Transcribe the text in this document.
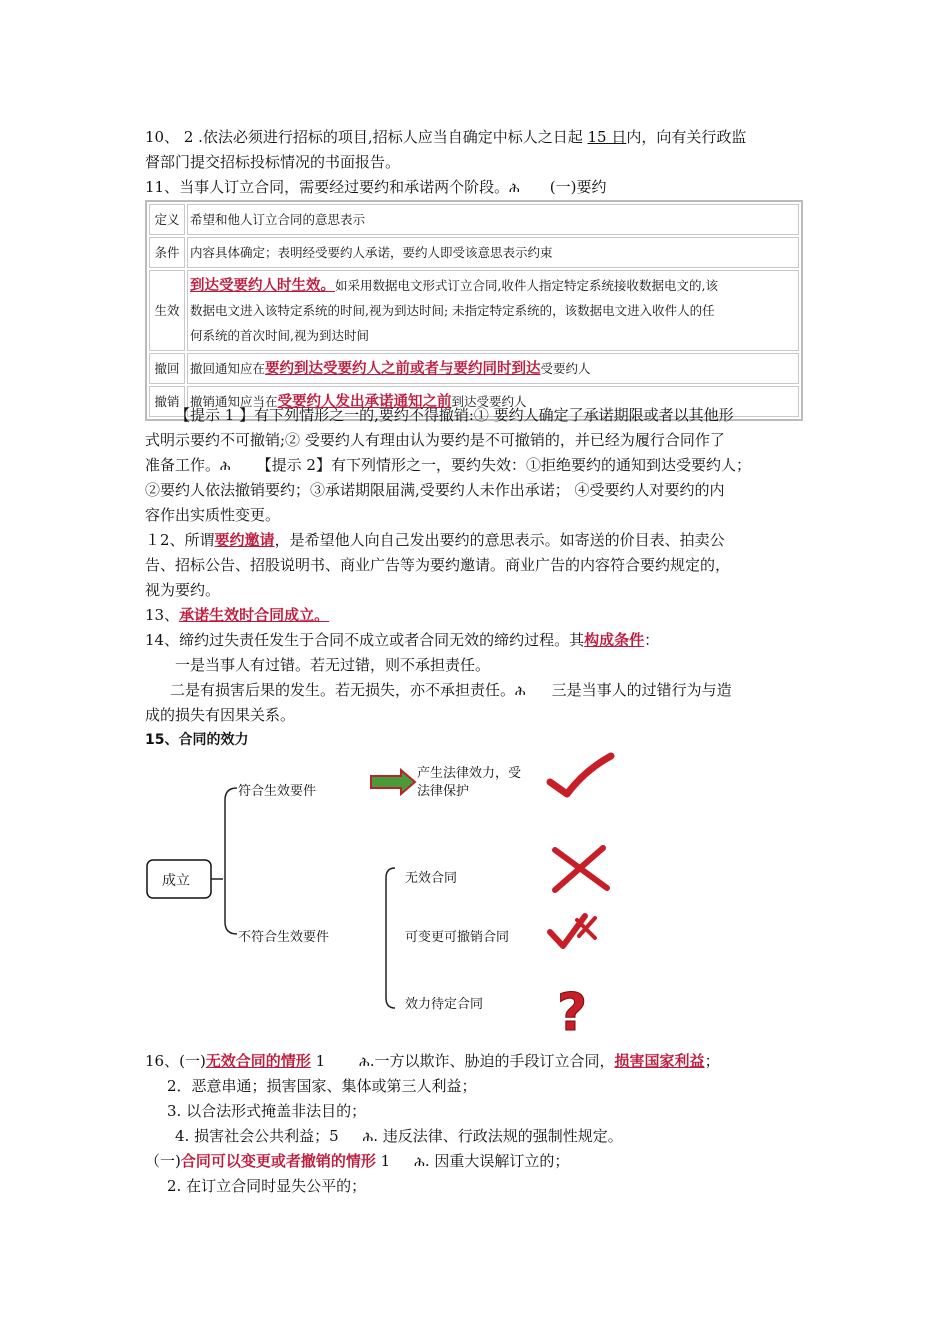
10、 2 .依法必须进行招标的项目,招标人应当自确定中标人之日起 15 日内，向有关行政监
督部门提交招标投标情况的书面报告。
11、当事人订立合同，需要经过要约和承诺两个阶段。ሕ (一)要约
定义	希望和他人订立合同的意思表示
条件	内容具体确定；表明经受要约人承诺，要约人即受该意思表示约束
生效	到达受要约人时生效。如采用数据电文形式订立合同,收件人指定特定系统接收数据电文的,该
数据电文进入该特定系统的时间,视为到达时间; 未指定特定系统的，该数据电文进入收件人的任
何系统的首次时间,视为到达时间
撤回	撤回通知应在要约到达受要约人之前或者与要约同时到达受要约人
撤销	撤销通知应当在受要约人发出承诺通知之前到达受要约人
【提示 1 】有下列情形之一的,要约不得撤销:① 要约人确定了承诺期限或者以其他形
式明示要约不可撤销;② 受要约人有理由认为要约是不可撤销的，并已经为履行合同作了
准备工作。ሕ 【提示 2】有下列情形之一，要约失效：①拒绝要约的通知到达受要约人；
②要约人依法撤销要约；③承诺期限届满,受要约人未作出承诺； ④受要约人对要约的内
容作出实质性变更。
１2、所谓要约邀请，是希望他人向自己发出要约的意思表示。如寄送的价目表、拍卖公
告、招标公告、招股说明书、商业广告等为要约邀请。商业广告的内容符合要约规定的，
视为要约。
13、承诺生效时合同成立。
14、缔约过失责任发生于合同不成立或者合同无效的缔约过程。其构成条件：
一是当事人有过错。若无过错，则不承担责任。
二是有损害后果的发生。若无损失，亦不承担责任。ሕ 三是当事人的过错行为与造
成的损失有因果关系。
15、合同的效力
?
成立
符合生效要件
不符合生效要件
产生法律效力，受
法律保护
无效合同
可变更可撤销合同
效力待定合同
16、(一)无效合同的情形 1	ሕ.一方以欺诈、胁迫的手段订立合同，损害国家利益；
2．恶意串通；损害国家、集体或第三人利益；
3. 以合法形式掩盖非法目的；
4. 损害社会公共利益；5 ሕ. 违反法律、行政法规的强制性规定。
（一)合同可以变更或者撤销的情形 1 ሕ. 因重大误解订立的；
2. 在订立合同时显失公平的；
